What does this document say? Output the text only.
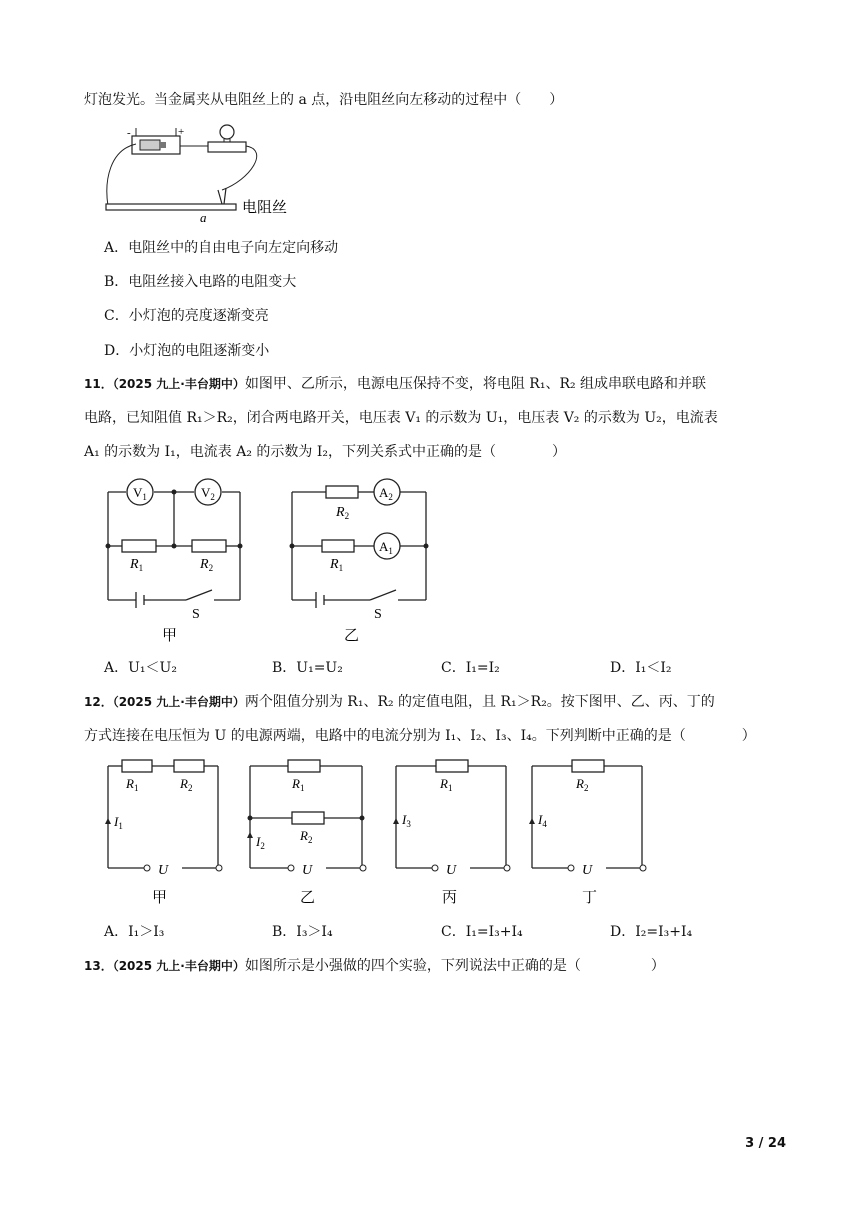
灯泡发光。当金属夹从电阻丝上的 a 点，沿电阻丝向左移动的过程中（　　）
-	+
a
电阻丝
A．电阻丝中的自由电子向左定向移动
B．电阻丝接入电路的电阻变大
C．小灯泡的亮度逐渐变亮
D．小灯泡的电阻逐渐变小
11．（2025 九上·丰台期中）如图甲、乙所示，电源电压保持不变，将电阻 R₁、R₂ 组成串联电路和并联
电路，已知阻值 R₁＞R₂，闭合两电路开关，电压表 V₁ 的示数为 U₁，电压表 V₂ 的示数为 U₂，电流表
A₁ 的示数为 I₁，电流表 A₂ 的示数为 I₂，下列关系式中正确的是（　　　　）
$V_1$	$V_2$
$R_1$	$R_2$
S
甲
$A_2$
$A_1$
$R_2$
$R_1$
S
乙
A．U₁＜U₂	B．U₁=U₂	C．I₁=I₂	D．I₁＜I₂
12．（2025 九上·丰台期中）两个阻值分别为 R₁、R₂ 的定值电阻，且 R₁＞R₂。按下图甲、乙、丙、丁的
方式连接在电压恒为 U 的电源两端，电路中的电流分别为 I₁、I₂、I₃、I₄。下列判断中正确的是（　　　　）
$R_1$	$R_2$
$I_1$
U
甲
$R_1$
$R_2$
$I_2$
U
乙
$R_1$
$I_3$
U
丙
$R_2$
$I_4$
U
丁
A．I₁＞I₃	B．I₃＞I₄	C．I₁=I₃+I₄	D．I₂=I₃+I₄
13．（2025 九上·丰台期中）如图所示是小强做的四个实验，下列说法中正确的是（　　　　　）
3 / 24
